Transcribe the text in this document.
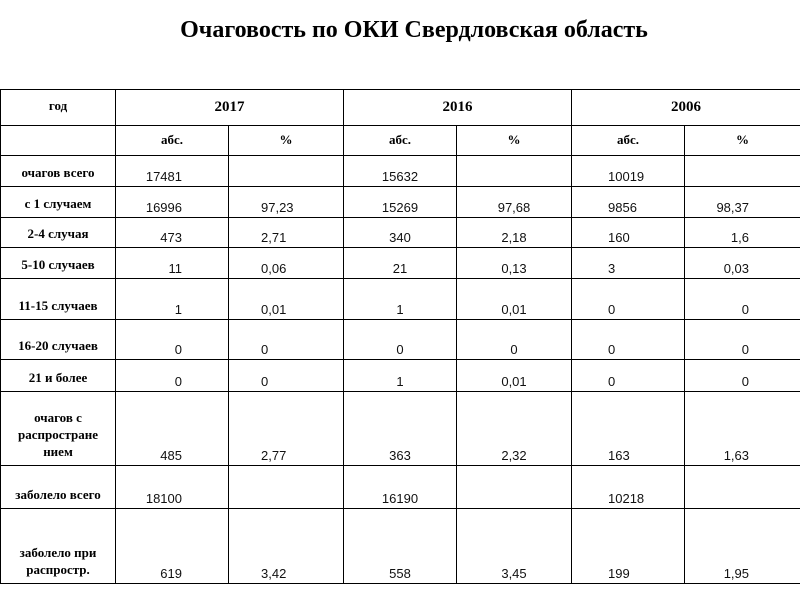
Очаговость по ОКИ Свердловская область
год	2017		2016		2006	
	абс.	%	абс.	%	абс.	%
очагов всего	17481		15632		10019	
с 1 случаем	16996	97,23	15269	97,68	9856	98,37
2-4 случая	473	2,71	340	2,18	160	1,6
5-10 случаев	11	0,06	21	0,13	3	0,03
11-15 случаев	1	0,01	1	0,01	0	0
16-20 случаев	0	0	0	0	0	0
21 и более	0	0	1	0,01	0	0
очагов с распростране нием	485	2,77	363	2,32	163	1,63
заболело всего	18100		16190		10218	
заболело при распростр.	619	3,42	558	3,45	199	1,95
